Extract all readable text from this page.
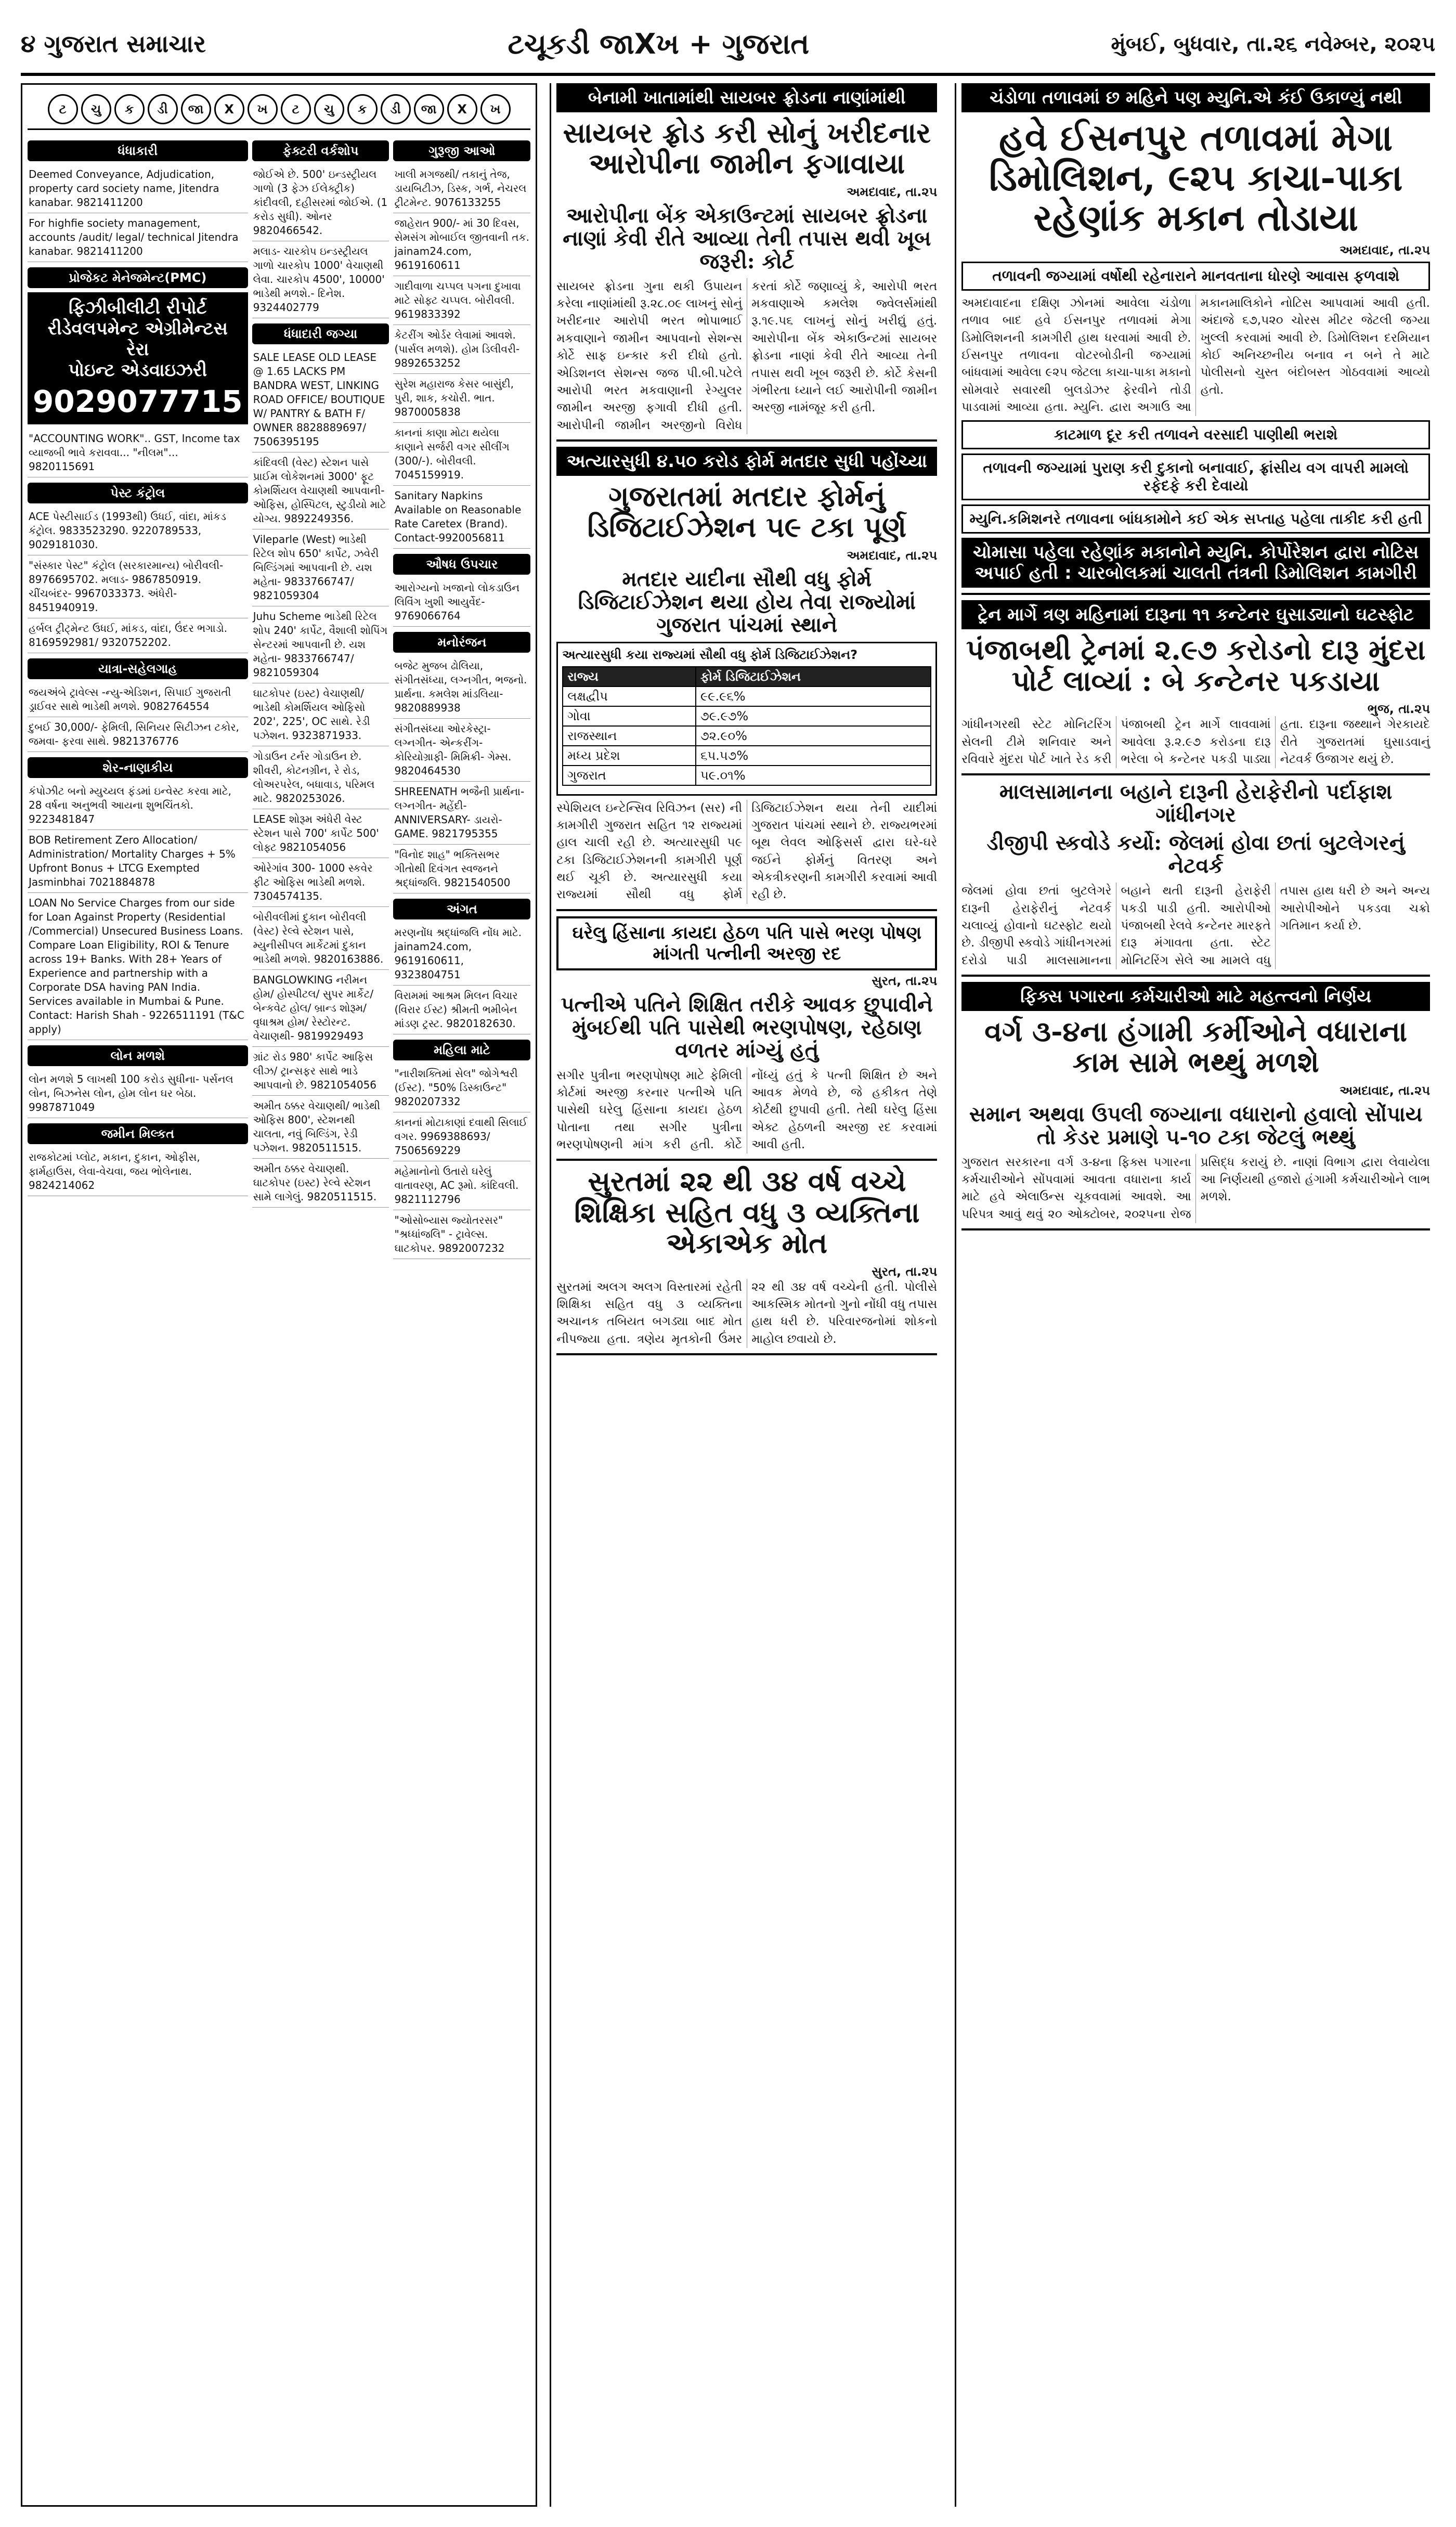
૪ ગુજરાત સમાચાર	ટચૂકડી જાXખ + ગુજરાત	મુંબઈ, બુધવાર, તા.૨૬ નવેમ્બર, ૨૦૨૫
ટ	ચુ	ક	ડી	જા	X	ખ	ટ	ચુ	ક	ડી	જા	X	ખ
ધંધાકારી
Deemed Conveyance, Adjudication, property card society name, Jitendra kanabar. 9821411200
For highfie society management, accounts /audit/ legal/ technical Jitendra kanabar. 9821411200
પ્રોજેકટ મેનેજમેન્ટ(PMC)
ફિઝીબીલીટી રીપોર્ટ
રીડેવલપમેન્ટ એગ્રીમેન્ટસ
રેરા
પોઇન્ટ એડવાઇઝરી
9029077715
"ACCOUNTING WORK".. GST, Income tax વ્યાજબી ભાવે કરાવવા... "નીલમ"... 9820115691
પેસ્ટ કંટ્રોલ
ACE પેસ્ટીસાઈડ (1993થી) ઉધઈ, વાંદા, માંકડ કંટ્રોલ. 9833523290. 9220789533, 9029181030.
"સંસ્કાર પેસ્ટ" કંટ્રોલ (સરકારમાન્ય) બોરીવલી- 8976695702. મલાડ- 9867850919. ચીંચબંદર- 9967033373. અંધેરી- 8451940919.
હર્બલ ટ્રીટ્મેન્ટ ઉધઈ, માંકડ, વાંદા, ઉંદર ભગાડો. 8169592981/ 9320752202.
યાત્રા-સહેલગાહ
જયઅંબે ટ્રાવેલ્સ -ન્યુ-એડિશન, સિપાઈ ગુજરાતી ડ્રાઈવર સાથે ભાડેથી મળશે. 9082764554
દુબઈ 30,000/- ફેમિલી, સિનિયર સિટીઝન ટકોર, જમવા- ફરવા સાથે. 9821376776
શેર-નાણાકીય
કંપોઝીટ બનો મ્યુચ્યલ ફંડમાં ઇન્વેસ્ટ કરવા માટે, 28 વર્ષના અનુભવી આયના શુભચિંતકો. 9223481847
BOB Retirement Zero Allocation/ Administration/ Mortality Charges + 5% Upfront Bonus + LTCG Exempted Jasminbhai 7021884878
LOAN No Service Charges from our side for Loan Against Property (Residential /Commercial) Unsecured Business Loans. Compare Loan Eligibility, ROI & Tenure across 19+ Banks. With 28+ Years of Experience and partnership with a Corporate DSA having PAN India. Services available in Mumbai & Pune. Contact: Harish Shah - 9226511191 (T&C apply)
લોન મળશે
લોન મળશે 5 લાખથી 100 કરોડ સુધીના- પર્સનલ લોન, બિઝનેસ લોન, હોમ લોન ઘર બેઠા. 9987871049
જમીન મિલ્કત
રાજકોટમાં પ્લોટ, મકાન, દુકાન, ઓફીસ, ફાર્મહાઉસ, લેવા-વેચવા, જય ભોલેનાથ. 9824214062
ફેક્ટરી વર્કશોપ
જોઈએ છે. 500' ઇન્ડસ્ટ્રીયલ ગાળો (3 ફેઝ ઈલેક્ટ્રીક) કાંદીવલી, દહીસરમાં જોઈએ. (1 કરોડ સુધી). ઓનર 9820466542.
મલાડ- ચારકોપ ઇન્ડસ્ટ્રીયલ ગાળો ચારકોપ 1000' વેચાણથી લેવા. ચારકોપ 4500', 10000' ભાડેથી મળશે.- દિનેશ. 9324402779
ધંધાદારી જગ્યા
SALE LEASE OLD LEASE @ 1.65 LACKS PM BANDRA WEST, LINKING ROAD OFFICE/ BOUTIQUE W/ PANTRY & BATH F/ OWNER 8828889697/ 7506395195
કાંદિવલી (વેસ્ટ) સ્ટેશન પાસે પ્રાઈમ લોકેશનમાં 3000' ફૂટ કોમર્શિયલ વેચાણથી આપવાની- ઓફિસ, હોસ્પિટલ, સ્ટુડીયો માટે યોગ્ય. 9892249356.
Vileparle (West) ભાડેથી રિટેલ શોપ 650' કાર્પેટ, ઝવેરી બિલ્ડિંગમાં આપવાની છે. યશ મહેતા- 9833766747/ 9821059304
Juhu Scheme ભાડેથી રિટેલ શોપ 240' કાર્પેટ, વૈશાલી શોપિંગ સેન્ટરમાં આપવાની છે. યશ મહેતા- 9833766747/ 9821059304
ઘાટકોપર (ઇસ્ટ) વેચાણથી/ ભાડેથી કોમર્શિયલ ઓફિસો 202', 225', OC સાથે. રેડી પઝેશન. 9323871933.
ગોડાઉન ટર્નર ગોડાઉન છે. શીવરી, કોટનગ્રીન, રે રોડ, લોઅરપરેલ, બધાવાડ, પરિમલ માટે. 9820253026.
LEASE શોરૂમ અંધેરી વેસ્ટ સ્ટેશન પાસે 700' કાર્પેટ 500' લોફ્ટ 9821054056
ઓરેગાંવ 300- 1000 સ્કવેર ફીટ ઓફિસ ભાડેથી મળશે. 7304574135.
બોરીવલીમાં દુકાન બોરીવલી (વેસ્ટ) રેલ્વે સ્ટેશન પાસે, મ્યુનીસીપલ માર્કેટમાં દુકાન ભાડેથી મળશે. 9820163886.
BANGLOWKING નરીમન હોમ/ હોસ્પીટલ/ સુપર માર્કેટ/ બેન્કવેટ હોલ/ બ્રાન્ડ શોરૂમ/ વૃધાશ્રમ હોમ/ રેસ્ટોરન્ટ. વેચાણથી- 9819929493
ગ્રાંટ રોડ 980' કાર્પેટ આફિસ લીઝ/ ટ્રાન્સફર સાથે ભાડે આપવાનો છે. 9821054056
અમીત ઠક્કર વેચાણથી/ ભાડેથી ઓફિસ 800', સ્ટેશનથી ચાલતા, નવું બિલ્ડિંગ, રેડી પઝેશન. 9820511515.
અમીત ઠક્કર વેચાણથી. ઘાટકોપર (ઇસ્ટ) રેલ્વે સ્ટેશન સામે લાગેલું. 9820511515.
ગુરૂજી આઓ
ખાલી મગજથી/ તકાનું તેજ, ડાયબિટીઝ, ડિસ્ક, ગર્ભ, નેચરલ ટ્રીટમેન્ટ. 9076133255
જાહેરાત 900/- માં 30 દિવસ, સેમસંગ મોબાઈલ જીતવાની તક. jainam24.com, 9619160611
ગાદીવાળા ચપ્પલ પગના દુખાવા માટે સોફ્ટ ચપ્પલ. બોરીવલી. 9619833392
કેટરીંગ ઓર્ડર લેવામાં આવશે. (પાર્સલ મળશે). હોમ ડિલીવરી- 9892653252
સુરેશ મહારાજ કેસર બાસુંદી, પુરી, શાક, કચોરી. ભાત. 9870005838
કાનનાં કાણા મોટા થયેલા કાણાને સર્જરી વગર સીલીંગ (300/-). બોરીવલી. 7045159919.
Sanitary Napkins Available on Reasonable Rate Caretex (Brand). Contact-9920056811
ઔષધ ઉપચાર
આરોગ્યનો ખજાનો લોકડાઉન લિવિંગ ખુશી આયુર્વેદ- 9769066764
મનોરંજન
બજેટ મુજબ ઢોલિયા, સંગીતસંધ્યા, લગ્નગીત, ભજનો. પ્રાર્થના. કમલેશ માંડલિયા- 9820889938
સંગીતસંધ્યા ઓરકેસ્ટ્રા- લગ્નગીત- એન્કરીંગ- કોરિયોગ્રાફી- મિમિક્રી- ગેમ્સ. 9820464530
SHREENATH ભજૈની પ્રાર્થના- લગ્નગીત- મહેંદી- ANNIVERSARY- ડાયરો- GAME. 9821795355
"વિનોદ શાહ" ભક્તિસભર ગીતોથી દિવંગત સ્વજનને શ્રદ્ધાંજલિ. 9821540500
અંગત
મરણનોંધ શ્રદ્ધાંજલિ નોંધ માટે. jainam24.com, 9619160611, 9323804751
વિરામમાં આશ્રમ મિલન વિચાર (વિરાર ઈસ્ટ) શ્રીમતી ભમીબેન માંડણ ટ્રસ્ટ. 9820182630.
મહિલા માટે
"નારીશક્તિમાં સેલ" જોગેશ્વરી (ઈસ્ટ). "50% ડિસ્કાઉન્ટ" 9820207332
કાનનાં મોટાકાણાં દવાથી સિલાઈ વગર. 9969388693/ 7506569229
મહેમાનોનો ઉતારો ઘરેલું વાતાવરણ, AC રૂમો. કાંદિવલી. 9821112796
"ઓસોબ્યાસ જ્યોતરસર" "શ્રધ્ધાંજલિ" - ટ્રાવેલ્સ. ઘાટકોપર. 9892007232
બેનામી ખાતામાંથી સાયબર ફ્રોડના નાણાંમાંથી
સાયબર ફ્રોડ કરી સોનું ખરીદનાર આરોપીના જામીન ફગાવાયા
અમદાવાદ, તા.૨૫
આરોપીના બેંક એકાઉન્ટમાં સાયબર ફ્રોડના નાણાં કેવી રીતે આવ્યા તેની તપાસ થવી ખૂબ જરૂરી: કોર્ટ
સાયબર ફ્રોડના ગુના થકી ઉપાયન કરેલા નાણાંમાંથી રૂ.૨૮.૦૯ લાખનું સોનું ખરીદનાર આરોપી ભરત ભોપાભાઈ મકવાણાને જામીન આપવાનો સેશન્સ કોર્ટે સાફ ઇન્કાર કરી દીધો હતો. એડિશનલ સેશન્સ જજ પી.બી.પટેલે આરોપી ભરત મકવાણાની રેગ્યુલર જામીન અરજી ફગાવી દીધી હતી. આરોપીની જામીન અરજીનો વિરોધ કરતાં કોર્ટે જણાવ્યું કે, આરોપી ભરત મકવાણાએ કમલેશ જ્વેલર્સમાંથી રૂ.૧૯.૫૬ લાખનું સોનું ખરીદ્યું હતું. આરોપીના બેંક એકાઉન્ટમાં સાયબર ફ્રોડના નાણાં કેવી રીતે આવ્યા તેની તપાસ થવી ખૂબ જરૂરી છે. કોર્ટે કેસની ગંભીરતા ધ્યાને લઈ આરોપીની જામીન અરજી નામંજૂર કરી હતી.
અત્યારસુધી ૪.૫૦ કરોડ ફોર્મ મતદાર સુધી પહોંચ્યા
ગુજરાતમાં મતદાર ફોર્મનું ડિજિટાઈઝેશન ૫૯ ટકા પૂર્ણ
અમદાવાદ, તા.૨૫
મતદાર યાદીના સૌથી વધુ ફોર્મ ડિજિટાઈઝેશન થયા હોય તેવા રાજ્યોમાં ગુજરાત પાંચમાં સ્થાને
અત્યારસુધી કયા રાજ્યમાં સૌથી વધુ ફોર્મ ડિજિટાઈઝેશન?
રાજ્ય	ફોર્મ ડિજિટાઈઝેશન
લક્ષદ્વીપ	૯૯.૯૬%
ગોવા	૭૯.૯૭%
રાજસ્થાન	૭૨.૯૦%
મધ્ય પ્રદેશ	૬૫.૫૭%
ગુજરાત	૫૯.૦૧%
સ્પેશિયલ ઇન્ટેન્સિવ રિવિઝન (સર) ની કામગીરી ગુજરાત સહિત ૧૨ રાજ્યમાં હાલ ચાલી રહી છે. અત્યારસુધી ૫૯ ટકા ડિજિટાઈઝેશનની કામગીરી પૂર્ણ થઈ ચૂકી છે. અત્યારસુધી કયા રાજ્યમાં સૌથી વધુ ફોર્મ ડિજિટાઈઝેશન થયા તેની યાદીમાં ગુજરાત પાંચમાં સ્થાને છે. રાજ્યભરમાં બૂથ લેવલ ઓફિસર્સ દ્વારા ઘરે-ઘરે જઈને ફોર્મનું વિતરણ અને એકત્રીકરણની કામગીરી કરવામાં આવી રહી છે.
ઘરેલુ હિંસાના કાયદા હેઠળ પતિ પાસે ભરણ પોષણ માંગતી પત્નીની અરજી રદ
સુરત, તા.૨૫
પત્નીએ પતિને શિક્ષિત તરીકે આવક છુપાવીને મુંબઈથી પતિ પાસેથી ભરણપોષણ, રહેઠાણ વળતર માંગ્યું હતું
સગીર પુત્રીના ભરણપોષણ માટે ફેમિલી કોર્ટમાં અરજી કરનાર પત્નીએ પતિ પાસેથી ઘરેલુ હિંસાના કાયદા હેઠળ પોતાના તથા સગીર પુત્રીના ભરણપોષણની માંગ કરી હતી. કોર્ટે નોંધ્યું હતું કે પત્ની શિક્ષિત છે અને આવક મેળવે છે, જે હકીકત તેણે કોર્ટથી છુપાવી હતી. તેથી ઘરેલુ હિંસા એક્ટ હેઠળની અરજી રદ કરવામાં આવી હતી.
સુરતમાં ૨૨ થી ૩૪ વર્ષ વચ્ચે શિક્ષિકા સહિત વધુ ૩ વ્યક્તિના એકાએક મોત
સુરત, તા.૨૫
સુરતમાં અલગ અલગ વિસ્તારમાં રહેતી શિક્ષિકા સહિત વધુ ૩ વ્યક્તિના અચાનક તબિયત બગડ્યા બાદ મોત નીપજ્યા હતા. ત્રણેય મૃતકોની ઉંમર ૨૨ થી ૩૪ વર્ષ વચ્ચેની હતી. પોલીસે આકસ્મિક મોતનો ગુનો નોંધી વધુ તપાસ હાથ ધરી છે. પરિવારજનોમાં શોકનો માહોલ છવાયો છે.
ચંડોળા તળાવમાં છ મહિને પણ મ્યુનિ.એ કંઈ ઉકાળ્યું નથી
હવે ઈસનપુર તળાવમાં મેગા ડિમોલિશન, ૯૨૫ કાચા-પાકા રહેણાંક મકાન તોડાયા
અમદાવાદ, તા.૨૫
તળાવની જગ્યામાં વર્ષોથી રહેનારાને માનવતાના ધોરણે આવાસ ફળવાશે
અમદાવાદના દક્ષિણ ઝોનમાં આવેલા ચંડોળા તળાવ બાદ હવે ઈસનપુર તળાવમાં મેગા ડિમોલિશનની કામગીરી હાથ ધરવામાં આવી છે. ઈસનપુર તળાવના વોટરબોડીની જગ્યામાં બાંધવામાં આવેલા ૯૨૫ જેટલા કાચા-પાકા મકાનો સોમવારે સવારથી બુલડોઝર ફેરવીને તોડી પાડવામાં આવ્યા હતા. મ્યુનિ. દ્વારા અગાઉ આ મકાનમાલિકોને નોટિસ આપવામાં આવી હતી. અંદાજે ૬૭,૫૨૦ ચોરસ મીટર જેટલી જગ્યા ખુલ્લી કરવામાં આવી છે. ડિમોલિશન દરમિયાન કોઈ અનિચ્છનીય બનાવ ન બને તે માટે પોલીસનો ચુસ્ત બંદોબસ્ત ગોઠવવામાં આવ્યો હતો.
કાટમાળ દૂર કરી તળાવને વરસાદી પાણીથી ભરાશે
તળાવની જગ્યામાં પુરાણ કરી દુકાનો બનાવાઈ, ફ્રાંસીય વગ વાપરી મામલો રફેદફે કરી દેવાયો
મ્યુનિ.કમિશનરે તળાવના બાંધકામોને કઈ એક સપ્તાહ પહેલા તાકીદ કરી હતી
ચોમાસા પહેલા રહેણાંક મકાનોને મ્યુનિ. કોર્પોરેશન દ્વારા નોટિસ અપાઈ હતી : ચારબોલકમાં ચાલતી તંત્રની ડિમોલિશન કામગીરી
ટ્રેન માર્ગે ત્રણ મહિનામાં દારૂના ૧૧ કન્ટેનર ઘુસાડ્યાનો ઘટસ્ફોટ
પંજાબથી ટ્રેનમાં ૨.૯૭ કરોડનો દારૂ મુંદરા પોર્ટ લાવ્યાં : બે કન્ટેનર પકડાયા
ભુજ, તા.૨૫
ગાંધીનગરથી સ્ટેટ મોનિટરિંગ સેલની ટીમે શનિવાર અને રવિવારે મુંદરા પોર્ટ ખાતે રેડ કરી પંજાબથી ટ્રેન માર્ગે લાવવામાં આવેલા રૂ.૨.૯૭ કરોડના દારૂ ભરેલા બે કન્ટેનર પકડી પાડ્યા હતા. દારૂના જથ્થાને ગેરકાયદે રીતે ગુજરાતમાં ઘુસાડવાનું નેટવર્ક ઉજાગર થયું છે.
માલસામાનના બહાને દારૂની હેરાફેરીનો પર્દાફાશ ગાંધીનગર
ડીજીપી સ્કવોડે કર્યો: જેલમાં હોવા છતાં બુટલેગરનું નેટવર્ક
જેલમાં હોવા છતાં બુટલેગરે દારૂની હેરાફેરીનું નેટવર્ક ચલાવ્યું હોવાનો ઘટસ્ફોટ થયો છે. ડીજીપી સ્કવોડે ગાંધીનગરમાં દરોડો પાડી માલસામાનના બહાને થતી દારૂની હેરાફેરી પકડી પાડી હતી. આરોપીઓ પંજાબથી રેલવે કન્ટેનર મારફતે દારૂ મંગાવતા હતા. સ્ટેટ મોનિટરિંગ સેલે આ મામલે વધુ તપાસ હાથ ધરી છે અને અન્ય આરોપીઓને પકડવા ચક્રો ગતિમાન કર્યા છે.
ફિક્સ પગારના કર્મચારીઓ માટે મહત્ત્વનો નિર્ણય
વર્ગ ૩-૪ના હંગામી કર્મીઓને વધારાના કામ સામે ભથ્થું મળશે
અમદાવાદ, તા.૨૫
સમાન અથવા ઉપલી જગ્યાના વધારાનો હવાલો સોંપાય તો કેડર પ્રમાણે ૫-૧૦ ટકા જેટલું ભથ્થું
ગુજરાત સરકારના વર્ગ ૩-૪ના ફિક્સ પગારના કર્મચારીઓને સોંપવામાં આવતા વધારાના કાર્ય માટે હવે એલાઉન્સ ચૂકવવામાં આવશે. આ પરિપત્ર આવું થવું ૨૦ ઓક્ટોબર, ૨૦૨૫ના રોજ પ્રસિદ્ધ કરાયું છે. નાણાં વિભાગ દ્વારા લેવાયેલા આ નિર્ણયથી હજારો હંગામી કર્મચારીઓને લાભ મળશે.
